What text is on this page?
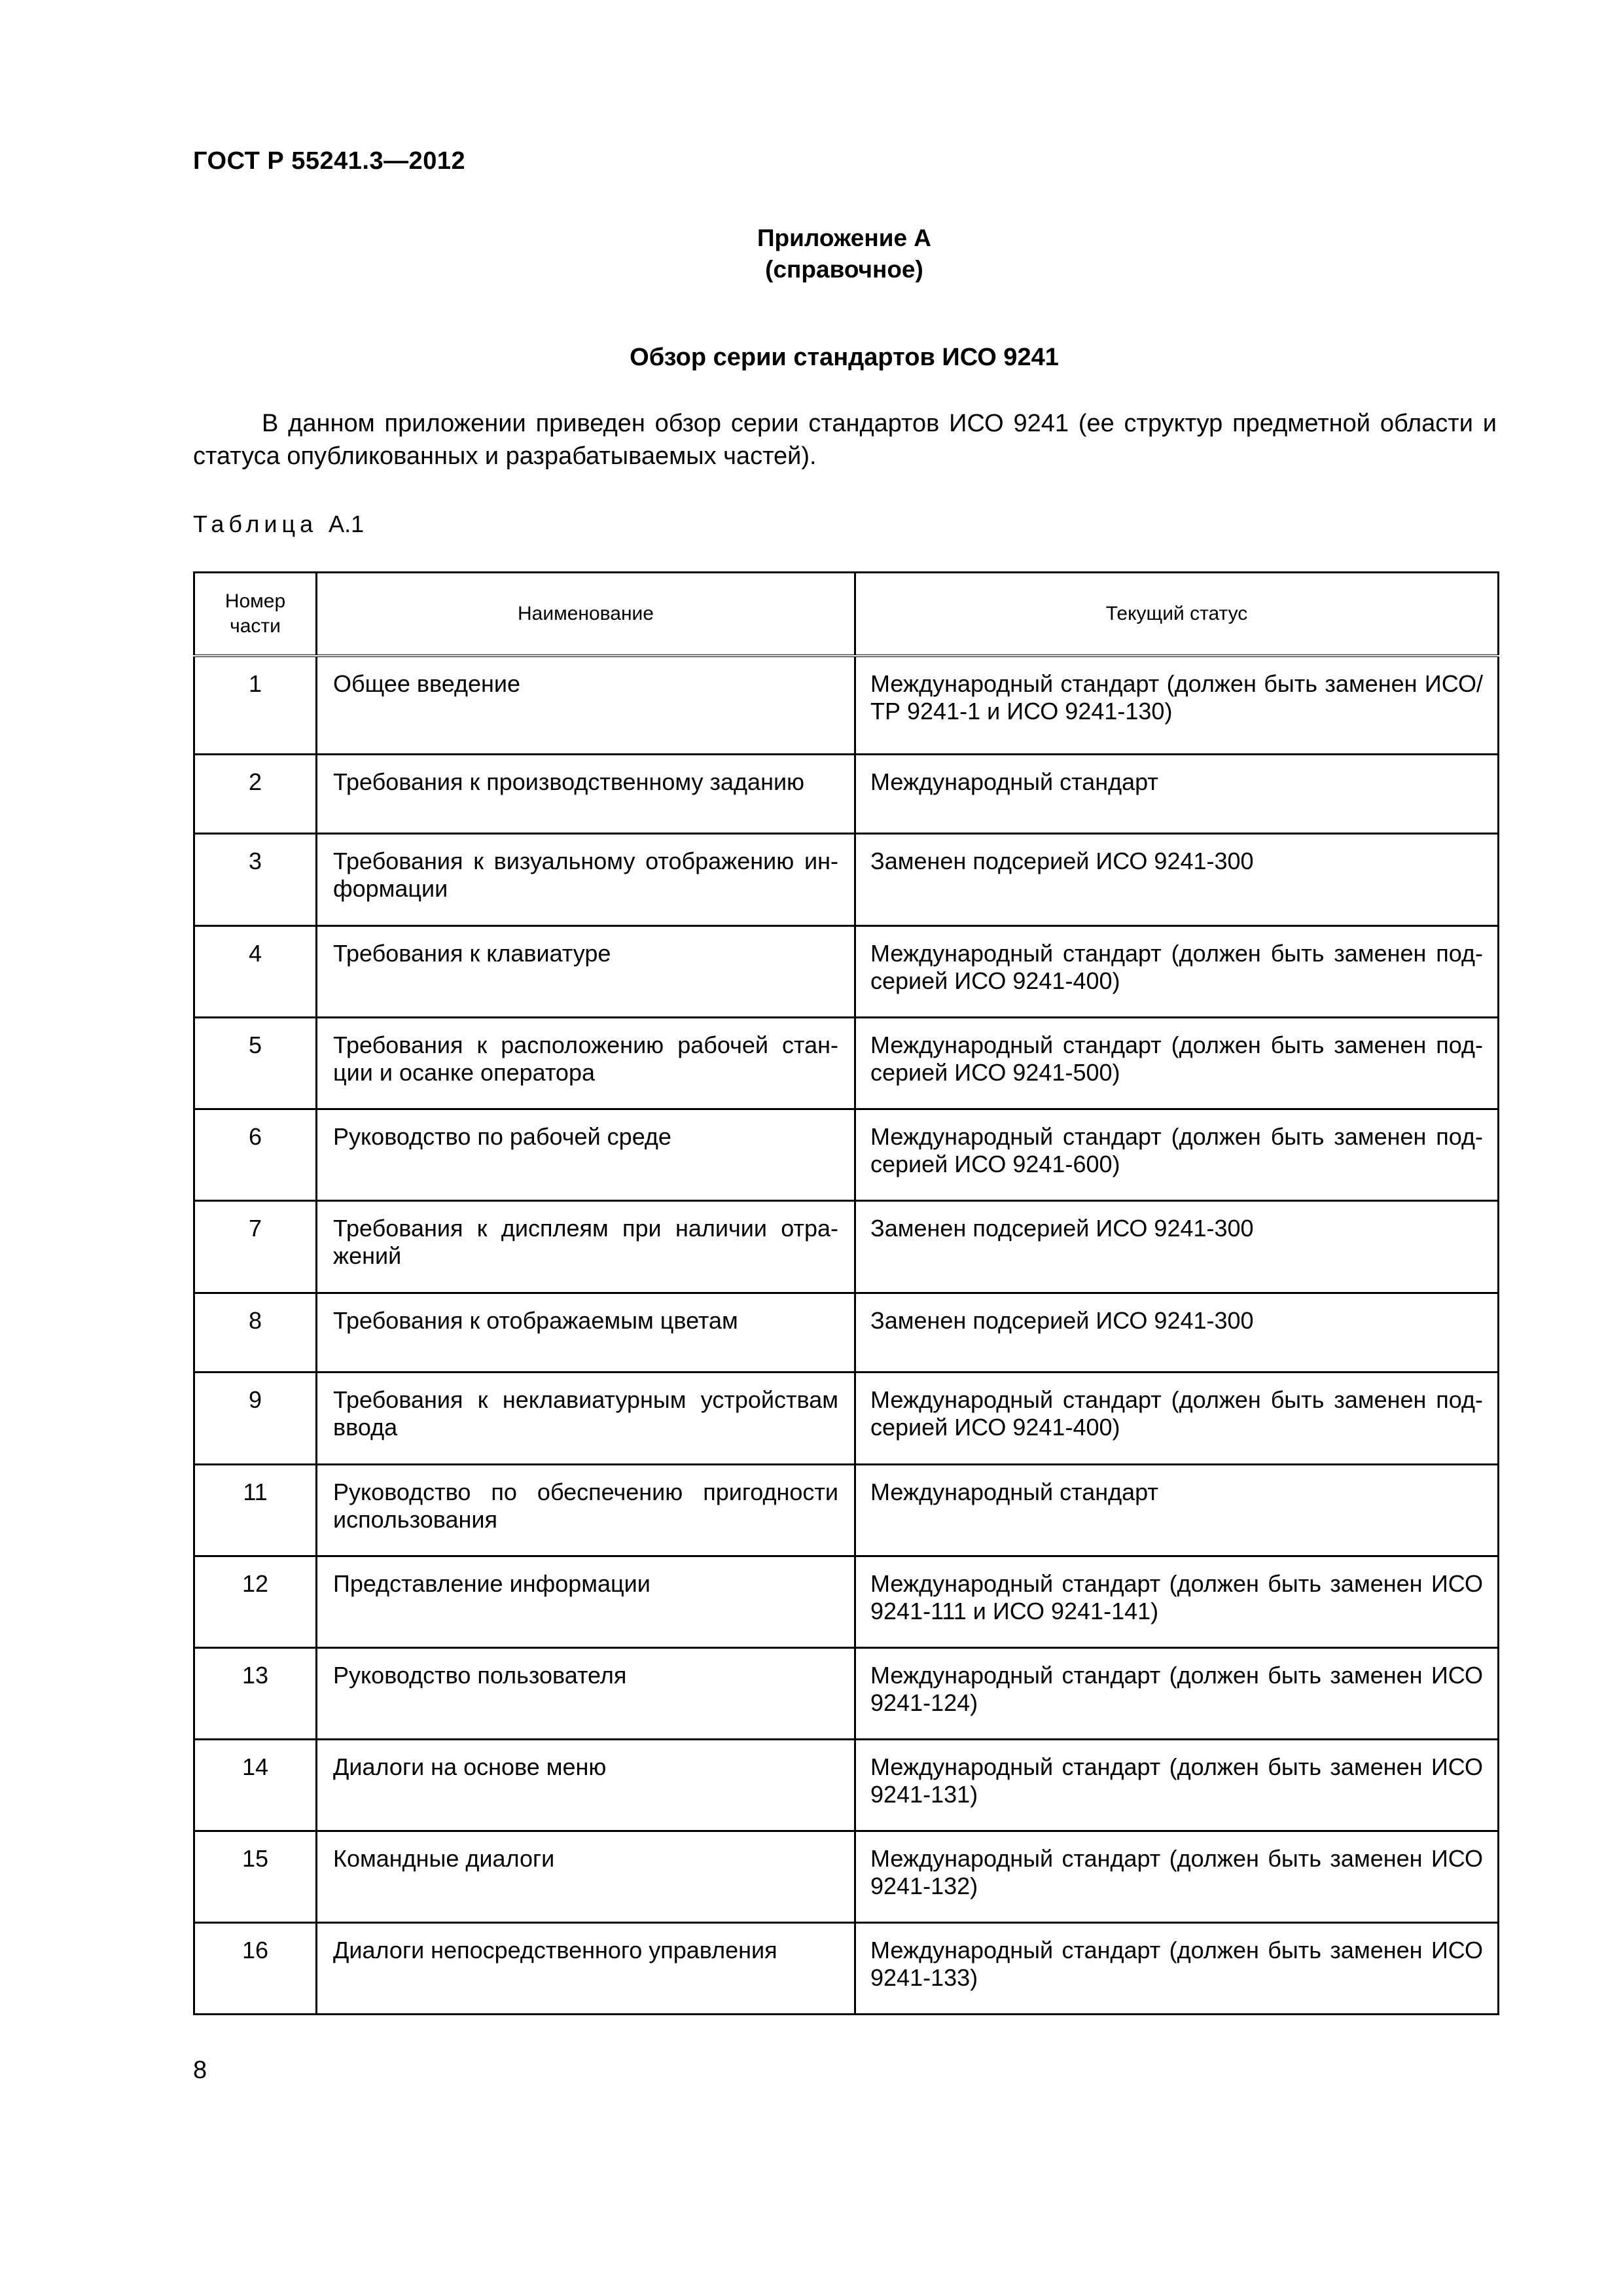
ГОСТ Р 55241.3—2012
Приложение А
(справочное)
Обзор серии стандартов ИСО 9241
В данном приложении приведен обзор серии стандартов ИСО 9241 (ее структур предметной области и статуса опубликованных и разрабатываемых частей).
Таблица А.1
Номер части	Наименование	Текущий статус
1	Общее введение	Международный стандарт (должен быть заменен ИСО/ТР 9241-1 и ИСО 9241-130)
2	Требования к производственному заданию	Международный стандарт
3	Требования к визуальному отображению информации	Заменен подсерией ИСО 9241-300
4	Требования к клавиатуре	Международный стандарт (должен быть заменен подсерией ИСО 9241-400)
5	Требования к расположению рабочей станции и осанке оператора	Международный стандарт (должен быть заменен подсерией ИСО 9241-500)
6	Руководство по рабочей среде	Международный стандарт (должен быть заменен подсерией ИСО 9241-600)
7	Требования к дисплеям при наличии отражений	Заменен подсерией ИСО 9241-300
8	Требования к отображаемым цветам	Заменен подсерией ИСО 9241-300
9	Требования к неклавиатурным устройствам ввода	Международный стандарт (должен быть заменен подсерией ИСО 9241-400)
11	Руководство по обеспечению пригодности использования	Международный стандарт
12	Представление информации	Международный стандарт (должен быть заменен ИСО 9241-111 и ИСО 9241-141)
13	Руководство пользователя	Международный стандарт (должен быть заменен ИСО 9241-124)
14	Диалоги на основе меню	Международный стандарт (должен быть заменен ИСО 9241-131)
15	Командные диалоги	Международный стандарт (должен быть заменен ИСО 9241-132)
16	Диалоги непосредственного управления	Международный стандарт (должен быть заменен ИСО 9241-133)
8
